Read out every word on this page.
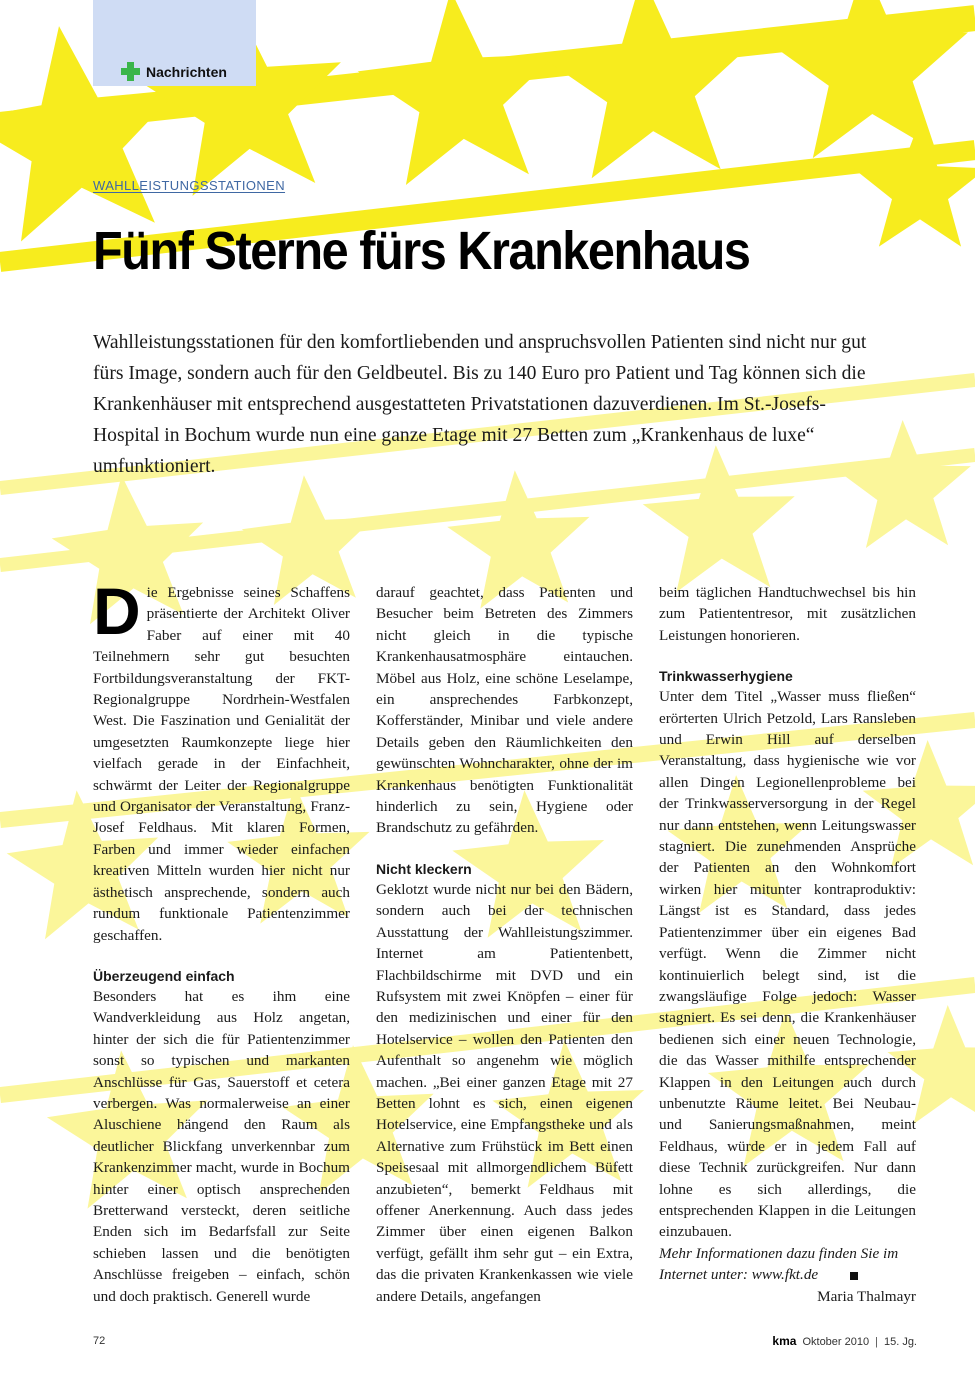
Nachrichten
WAHLLEISTUNGSSTATIONEN
Fünf Sterne fürs Krankenhaus

Wahlleistungsstationen für den komfortliebenden und anspruchsvollen Patienten sind nicht nur gut fürs Image, sondern auch für den Geldbeutel. Bis zu 140 Euro pro Patient und Tag können sich die Krankenhäuser mit entsprechend ausgestatteten Privatstationen dazuverdienen. Im St.-Josefs-Hospital in Bochum wurde nun eine ganze Etage mit 27 Betten zum „Krankenhaus de luxe“ umfunktioniert.

D ie Ergebnisse seines Schaffens präsentierte der Architekt Oliver Faber auf einer mit 40 Teilnehmern sehr gut besuchten Fortbildungsveranstaltung der FKT-Regionalgruppe Nordrhein-Westfalen West. Die Faszination und Genialität der umgesetzten Raumkonzepte liege hier vielfach gerade in der Einfachheit, schwärmt der Leiter der Regionalgruppe und Organisator der Veranstaltung, Franz-Josef Feldhaus. Mit klaren Formen, Farben und immer wieder einfachen kreativen Mitteln wurden hier nicht nur ästhetisch ansprechende, sondern auch rundum funktionale Patientenzimmer geschaffen.

Überzeugend einfach

Besonders hat es ihm eine Wandverkleidung aus Holz angetan, hinter der sich die für Patientenzimmer sonst so typischen und markanten Anschlüsse für Gas, Sauerstoff et cetera verbergen. Was normalerweise an einer Aluschiene hängend den Raum als deutlicher Blickfang unverkennbar zum Krankenzimmer macht, wurde in Bochum hinter einer optisch ansprechenden Bretterwand versteckt, deren seitliche Enden sich im Bedarfsfall zur Seite schieben lassen und die benötigten Anschlüsse freigeben – einfach, schön und doch praktisch. Generell wurde

darauf geachtet, dass Patienten und Besucher beim Betreten des Zimmers nicht gleich in die typische Krankenhausatmosphäre eintauchen. Möbel aus Holz, eine schöne Leselampe, ein ansprechendes Farbkonzept, Kofferständer, Minibar und viele andere Details geben den Räumlichkeiten den gewünschten Wohncharakter, ohne der im Krankenhaus benötigten Funktionalität hinderlich zu sein, Hygiene oder Brandschutz zu gefährden.

Nicht kleckern

Geklotzt wurde nicht nur bei den Bädern, sondern auch bei der technischen Ausstattung der Wahlleistungszimmer. Internet am Patientenbett, Flachbildschirme mit DVD und ein Rufsystem mit zwei Knöpfen – einer für den medizinischen und einer für den Hotelservice – wollen den Patienten den Aufenthalt so angenehm wie möglich machen. „Bei einer ganzen Etage mit 27 Betten lohnt es sich, einen eigenen Hotelservice, eine Empfangstheke und als Alternative zum Frühstück im Bett einen Speisesaal mit allmorgendlichem Büfett anzubieten“, bemerkt Feldhaus mit offener Anerkennung. Auch dass jedes Zimmer über einen eigenen Balkon verfügt, gefällt ihm sehr gut – ein Extra, das die privaten Krankenkassen wie viele andere Details, angefangen

beim täglichen Handtuchwechsel bis hin zum Patiententresor, mit zusätzlichen Leistungen honorieren.

Trinkwasserhygiene

Unter dem Titel „Wasser muss fließen“ erörterten Ulrich Petzold, Lars Ransleben und Erwin Hill auf derselben Veranstaltung, dass hygienische wie vor allen Dingen Legionellenprobleme bei der Trinkwasserversorgung in der Regel nur dann entstehen, wenn Leitungswasser stagniert. Die zunehmenden Ansprüche der Patienten an den Wohnkomfort wirken hier mitunter kontraproduktiv: Längst ist es Standard, dass jedes Patientenzimmer über ein eigenes Bad verfügt. Wenn die Zimmer nicht kontinuierlich belegt sind, ist die zwangsläufige Folge jedoch: Wasser stagniert. Es sei denn, die Krankenhäuser bedienen sich einer neuen Technologie, die das Wasser mithilfe entsprechender Klappen in den Leitungen auch durch unbenutzte Räume leitet. Bei Neubau- und Sanierungsmaßnahmen, meint Feldhaus, würde er in jedem Fall auf diese Technik zurückgreifen. Nur dann lohne es sich allerdings, die entsprechenden Klappen in die Leitungen einzubauen.

Mehr Informationen dazu finden Sie im Internet unter: www.fkt.de

Maria Thalmayr

72	kma Oktober 2010 | 15. Jg.
